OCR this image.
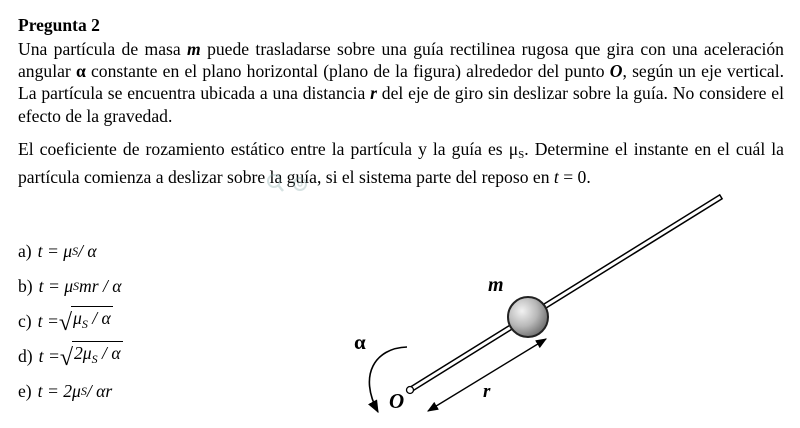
Pregunta 2

Una partícula de masa m puede trasladarse sobre una guía rectilinea rugosa que gira con una aceleración angular α constante en el plano horizontal (plano de la figura) alrededor del punto O, según un eje vertical. La partícula se encuentra ubicada a una distancia r del eje de giro sin deslizar sobre la guía. No considere el efecto de la gravedad.

El coeficiente de rozamiento estático entre la partícula y la guía es $\mu_S$. Determine el instante en el cuál la partícula comienza a deslizar sobre la guía, si el sistema parte del reposo en t = 0.

a) t = μ S / α
b) t = μ S mr / α
c) t = √ $\mu_S$ / α
d) t = √ $2\mu_S$ / α
e) t = 2μ S / αr
m
α
O	r
